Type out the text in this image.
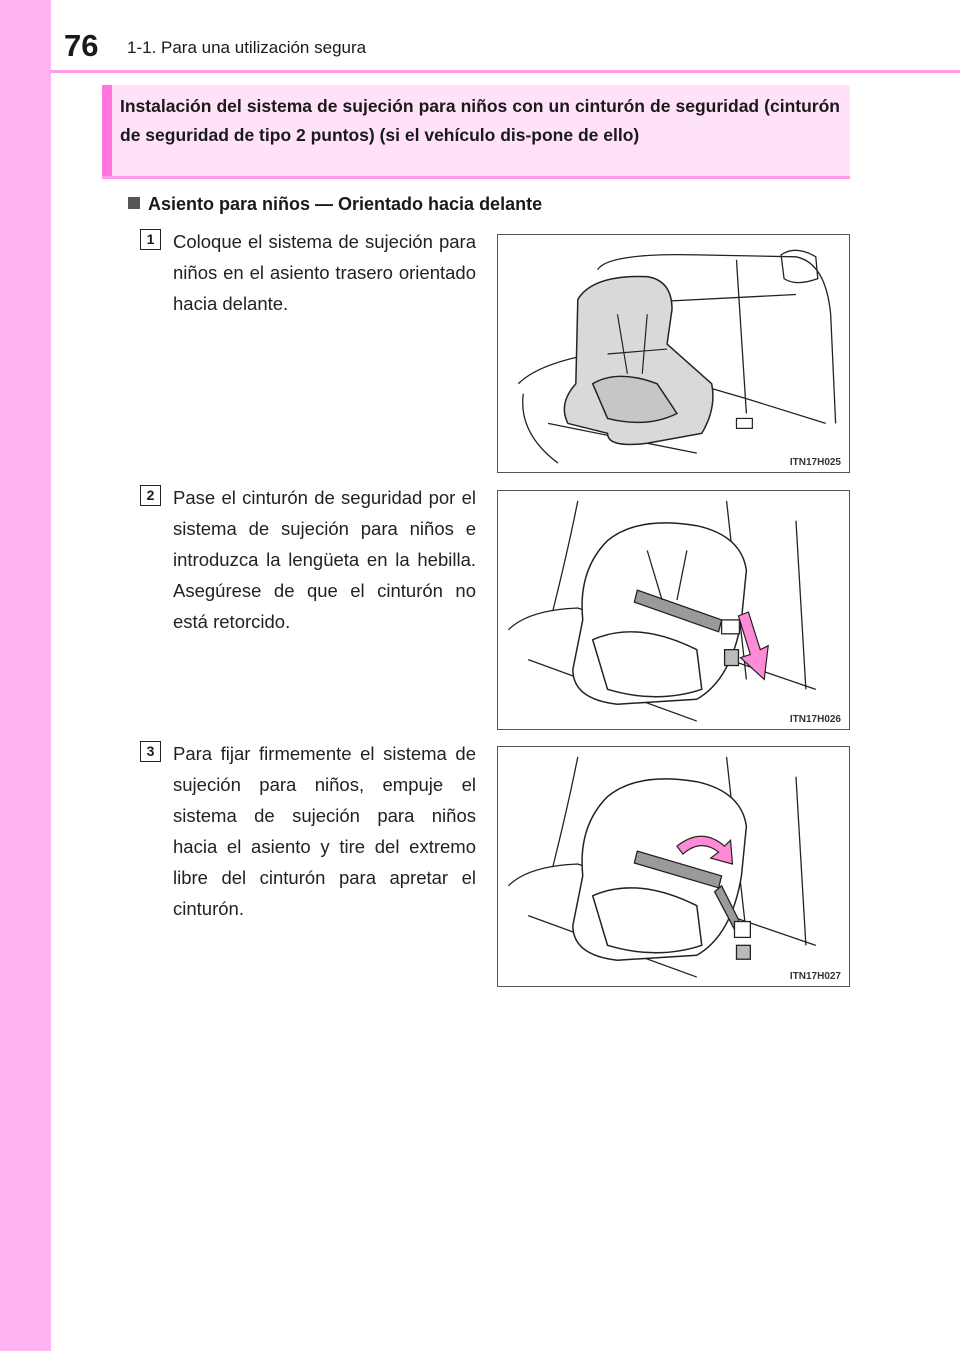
76 1-1. Para una utilización segura
Instalación del sistema de sujeción para niños con un cinturón de seguridad (cinturón de seguridad de tipo 2 puntos) (si el vehículo dis-pone de ello)
Asiento para niños — Orientado hacia delante
1	Coloque el sistema de sujeción para niños en el asiento trasero orientado hacia delante.
ITN17H025
2	Pase el cinturón de seguridad por el sistema de sujeción para niños e introduzca la lengüeta en la hebilla. Asegúrese de que el cinturón no está retorcido.
ITN17H026
3	Para fijar firmemente el sistema de sujeción para niños, empuje el sistema de sujeción para niños hacia el asiento y tire del extremo libre del cinturón para apretar el cinturón.
ITN17H027
